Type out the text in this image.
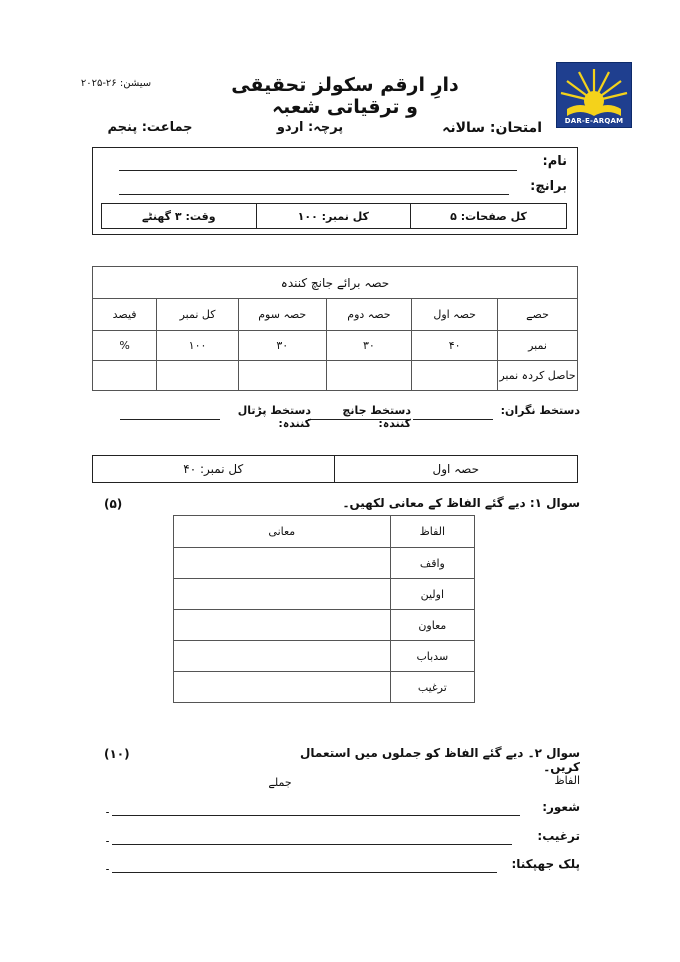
DAR-E-ARQAM
دارِ ارقم سکولز تحقیقی و ترقیاتی شعبہ
سیشن: ۲۶-۲۰۲۵
امتحان: سالانہ
پرچہ: اردو
جماعت: پنجم
نام:
برانچ:
وقت: ۳ گھنٹے	کل نمبر: ۱۰۰	کل صفحات: ۵
حصہ برائے جانچ کنندہ					
فیصد	کل نمبر	حصہ سوم	حصہ دوم	حصہ اول	حصے
%	۱۰۰	۳۰	۳۰	۴۰	نمبر
					حاصل کردہ نمبر
دستخط نگران:
دستخط جانچ کنندہ:
دستخط پڑتال کنندہ:
کل نمبر: ۴۰	حصہ اول
سوال ۱: دیے گئے الفاظ کے معانی لکھیں۔
(۵)
معانی	الفاظ
	واقف
	اولین
	معاون
	سدباب
	ترغیب
سوال ۲۔ دیے گئے الفاظ کو جملوں میں استعمال کریں۔
(۱۰)
الفاظ
جملے
شعور:
۔
ترغیب:
۔
پلک جھپکنا:
۔
